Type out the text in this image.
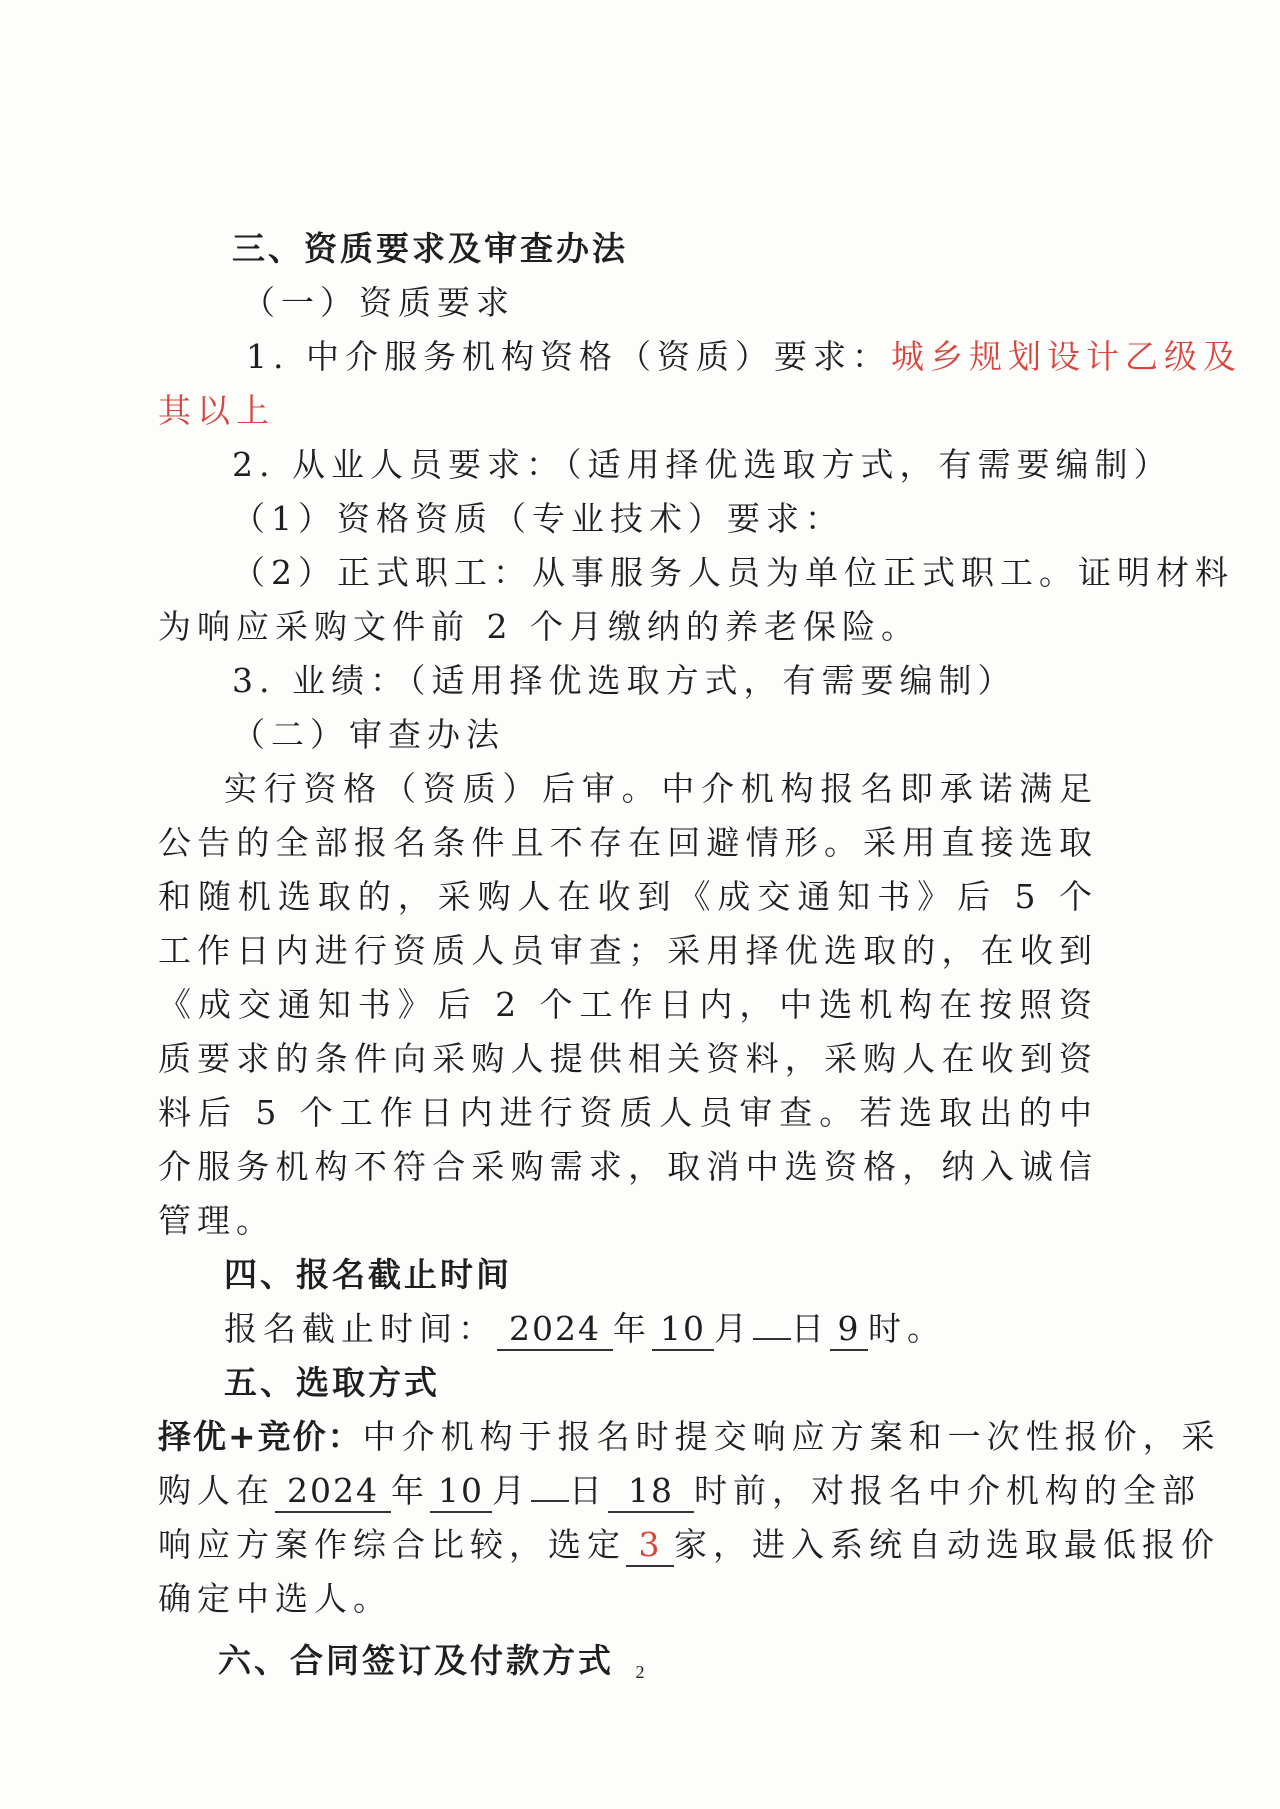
三、资质要求及审查办法
（一）资质要求
1. 中介服务机构资格（资质）要求：城乡规划设计乙级及
其以上
2. 从业人员要求：（适用择优选取方式，有需要编制）
（1）资格资质（专业技术）要求：
（2）正式职工：从事服务人员为单位正式职工。证明材料
为响应采购文件前 2 个月缴纳的养老保险。
3. 业绩：（适用择优选取方式，有需要编制）
（二）审查办法
实行资格（资质）后审。中介机构报名即承诺满足公告的全部报名条件且不存在回避情形。采用直接选取和随机选取的，采购人在收到《成交通知书》后 5 个工作日内进行资质人员审查；采用择优选取的，在收到《成交通知书》后 2 个工作日内，中选机构在按照资质要求的条件向采购人提供相关资料，采购人在收到资料后 5 个工作日内进行资质人员审查。若选取出的中介服务机构不符合采购需求，取消中选资格，纳入诚信管理。
四、报名截止时间
报名截止时间： 2024 年 10 月 日 9 时。
五、选取方式
择优+竞价：中介机构于报名时提交响应方案和一次性报价，采
购人在 2024 年 10 月 日 18 时前，对报名中介机构的全部
响应方案作综合比较，选定 3 家，进入系统自动选取最低报价
确定中选人。
六、合同签订及付款方式	2
